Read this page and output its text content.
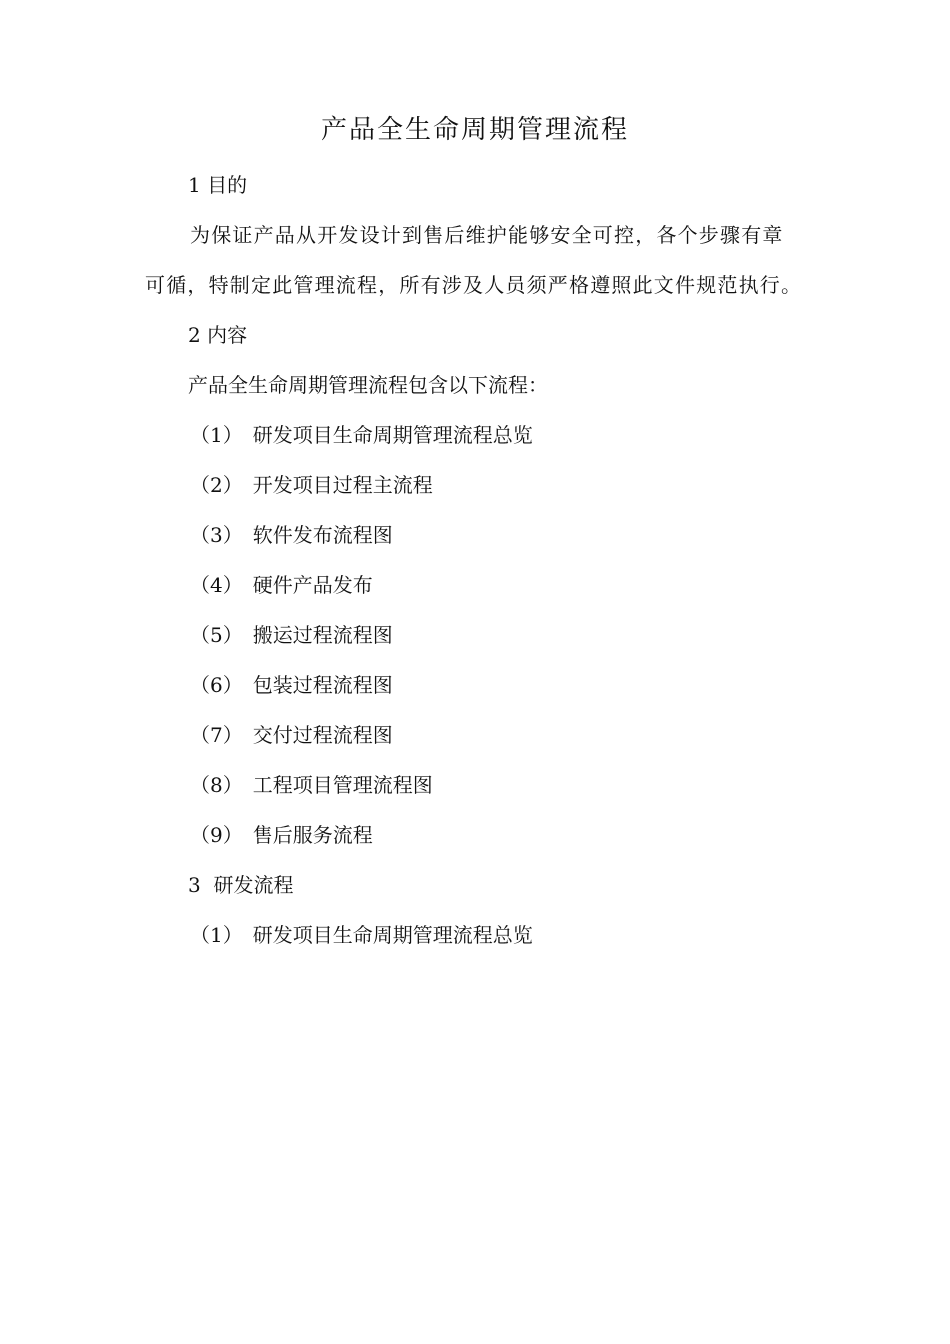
产品全生命周期管理流程
1 目的
为保证产品从开发设计到售后维护能够安全可控，各个步骤有章
可循，特制定此管理流程，所有涉及人员须严格遵照此文件规范执行。
2 内容
产品全生命周期管理流程包含以下流程：
（1） 研发项目生命周期管理流程总览
（2） 开发项目过程主流程
（3） 软件发布流程图
（4） 硬件产品发布
（5） 搬运过程流程图
（6） 包装过程流程图
（7） 交付过程流程图
（8） 工程项目管理流程图
（9） 售后服务流程
3  研发流程
（1） 研发项目生命周期管理流程总览
